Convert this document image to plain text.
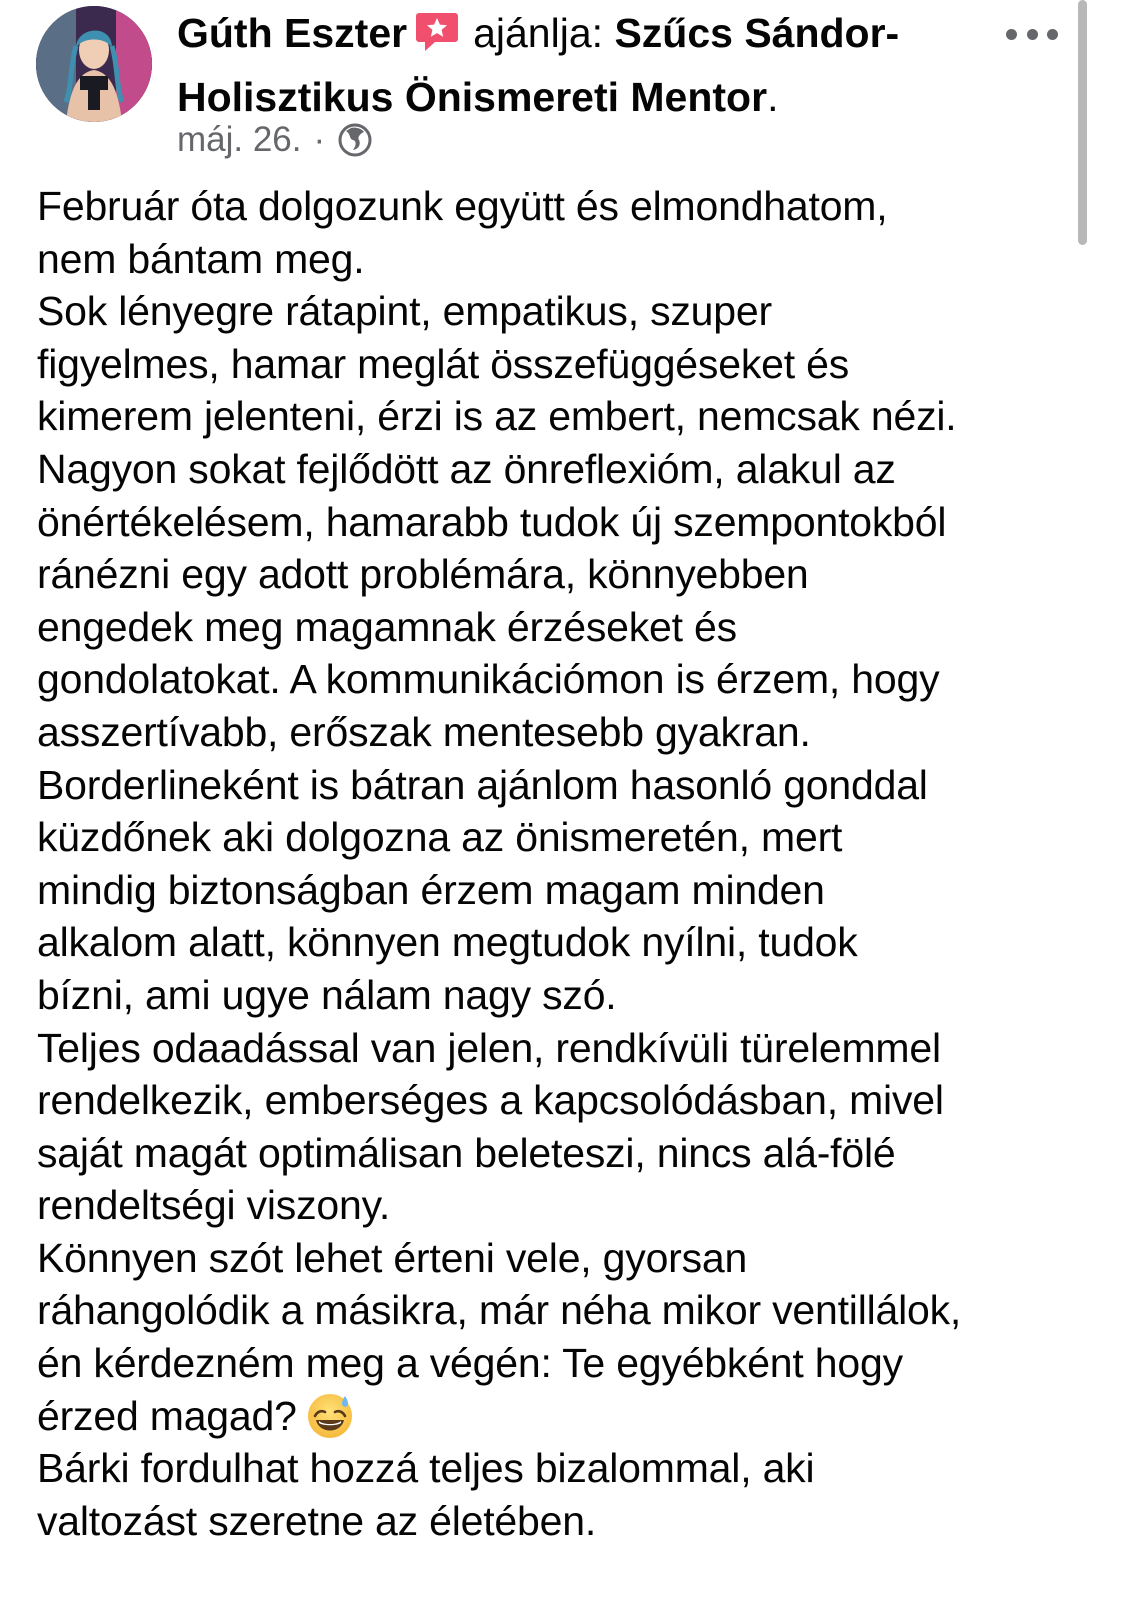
Gúth Eszter ajánlja: Szűcs Sándor-
Holisztikus Önismereti Mentor.
máj. 26. ·
Február óta dolgozunk együtt és elmondhatom,
nem bántam meg.
Sok lényegre rátapint, empatikus, szuper
figyelmes, hamar meglát összefüggéseket és
kimerem jelenteni, érzi is az embert, nemcsak nézi.
Nagyon sokat fejlődött az önreflexióm, alakul az
önértékelésem, hamarabb tudok új szempontokból
ránézni egy adott problémára, könnyebben
engedek meg magamnak érzéseket és
gondolatokat. A kommunikációmon is érzem, hogy
asszertívabb, erőszak mentesebb gyakran.
Borderlineként is bátran ajánlom hasonló gonddal
küzdőnek aki dolgozna az önismeretén, mert
mindig biztonságban érzem magam minden
alkalom alatt, könnyen megtudok nyílni, tudok
bízni, ami ugye nálam nagy szó.
Teljes odaadással van jelen, rendkívüli türelemmel
rendelkezik, emberséges a kapcsolódásban, mivel
saját magát optimálisan beleteszi, nincs alá-fölé
rendeltségi viszony.
Könnyen szót lehet érteni vele, gyorsan
ráhangolódik a másikra, már néha mikor ventillálok,
én kérdezném meg a végén: Te egyébként hogy
érzed magad?
Bárki fordulhat hozzá teljes bizalommal, aki
valtozást szeretne az életében.
